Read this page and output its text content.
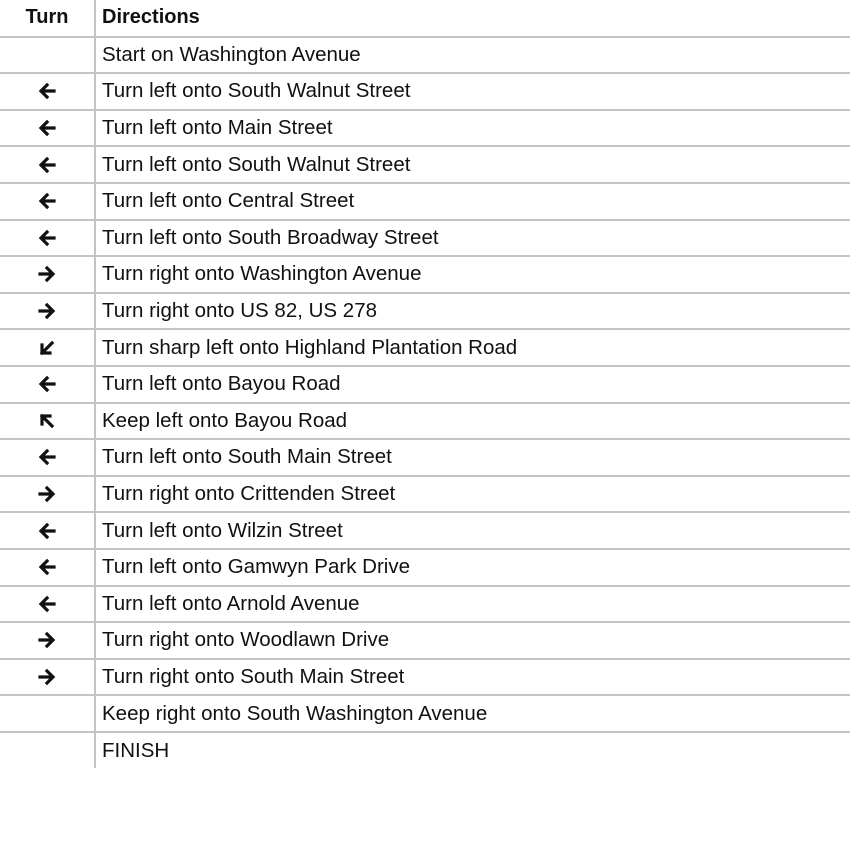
Turn	Directions
	Start on Washington Avenue

	Turn left onto South Walnut Street

	Turn left onto Main Street

	Turn left onto South Walnut Street

	Turn left onto Central Street

	Turn left onto South Broadway Street

	Turn right onto Washington Avenue

	Turn right onto US 82, US 278

	Turn sharp left onto Highland Plantation Road

	Turn left onto Bayou Road

	Keep left onto Bayou Road

	Turn left onto South Main Street

	Turn right onto Crittenden Street

	Turn left onto Wilzin Street

	Turn left onto Gamwyn Park Drive

	Turn left onto Arnold Avenue

	Turn right onto Woodlawn Drive

	Turn right onto South Main Street
	Keep right onto South Washington Avenue
	FINISH
